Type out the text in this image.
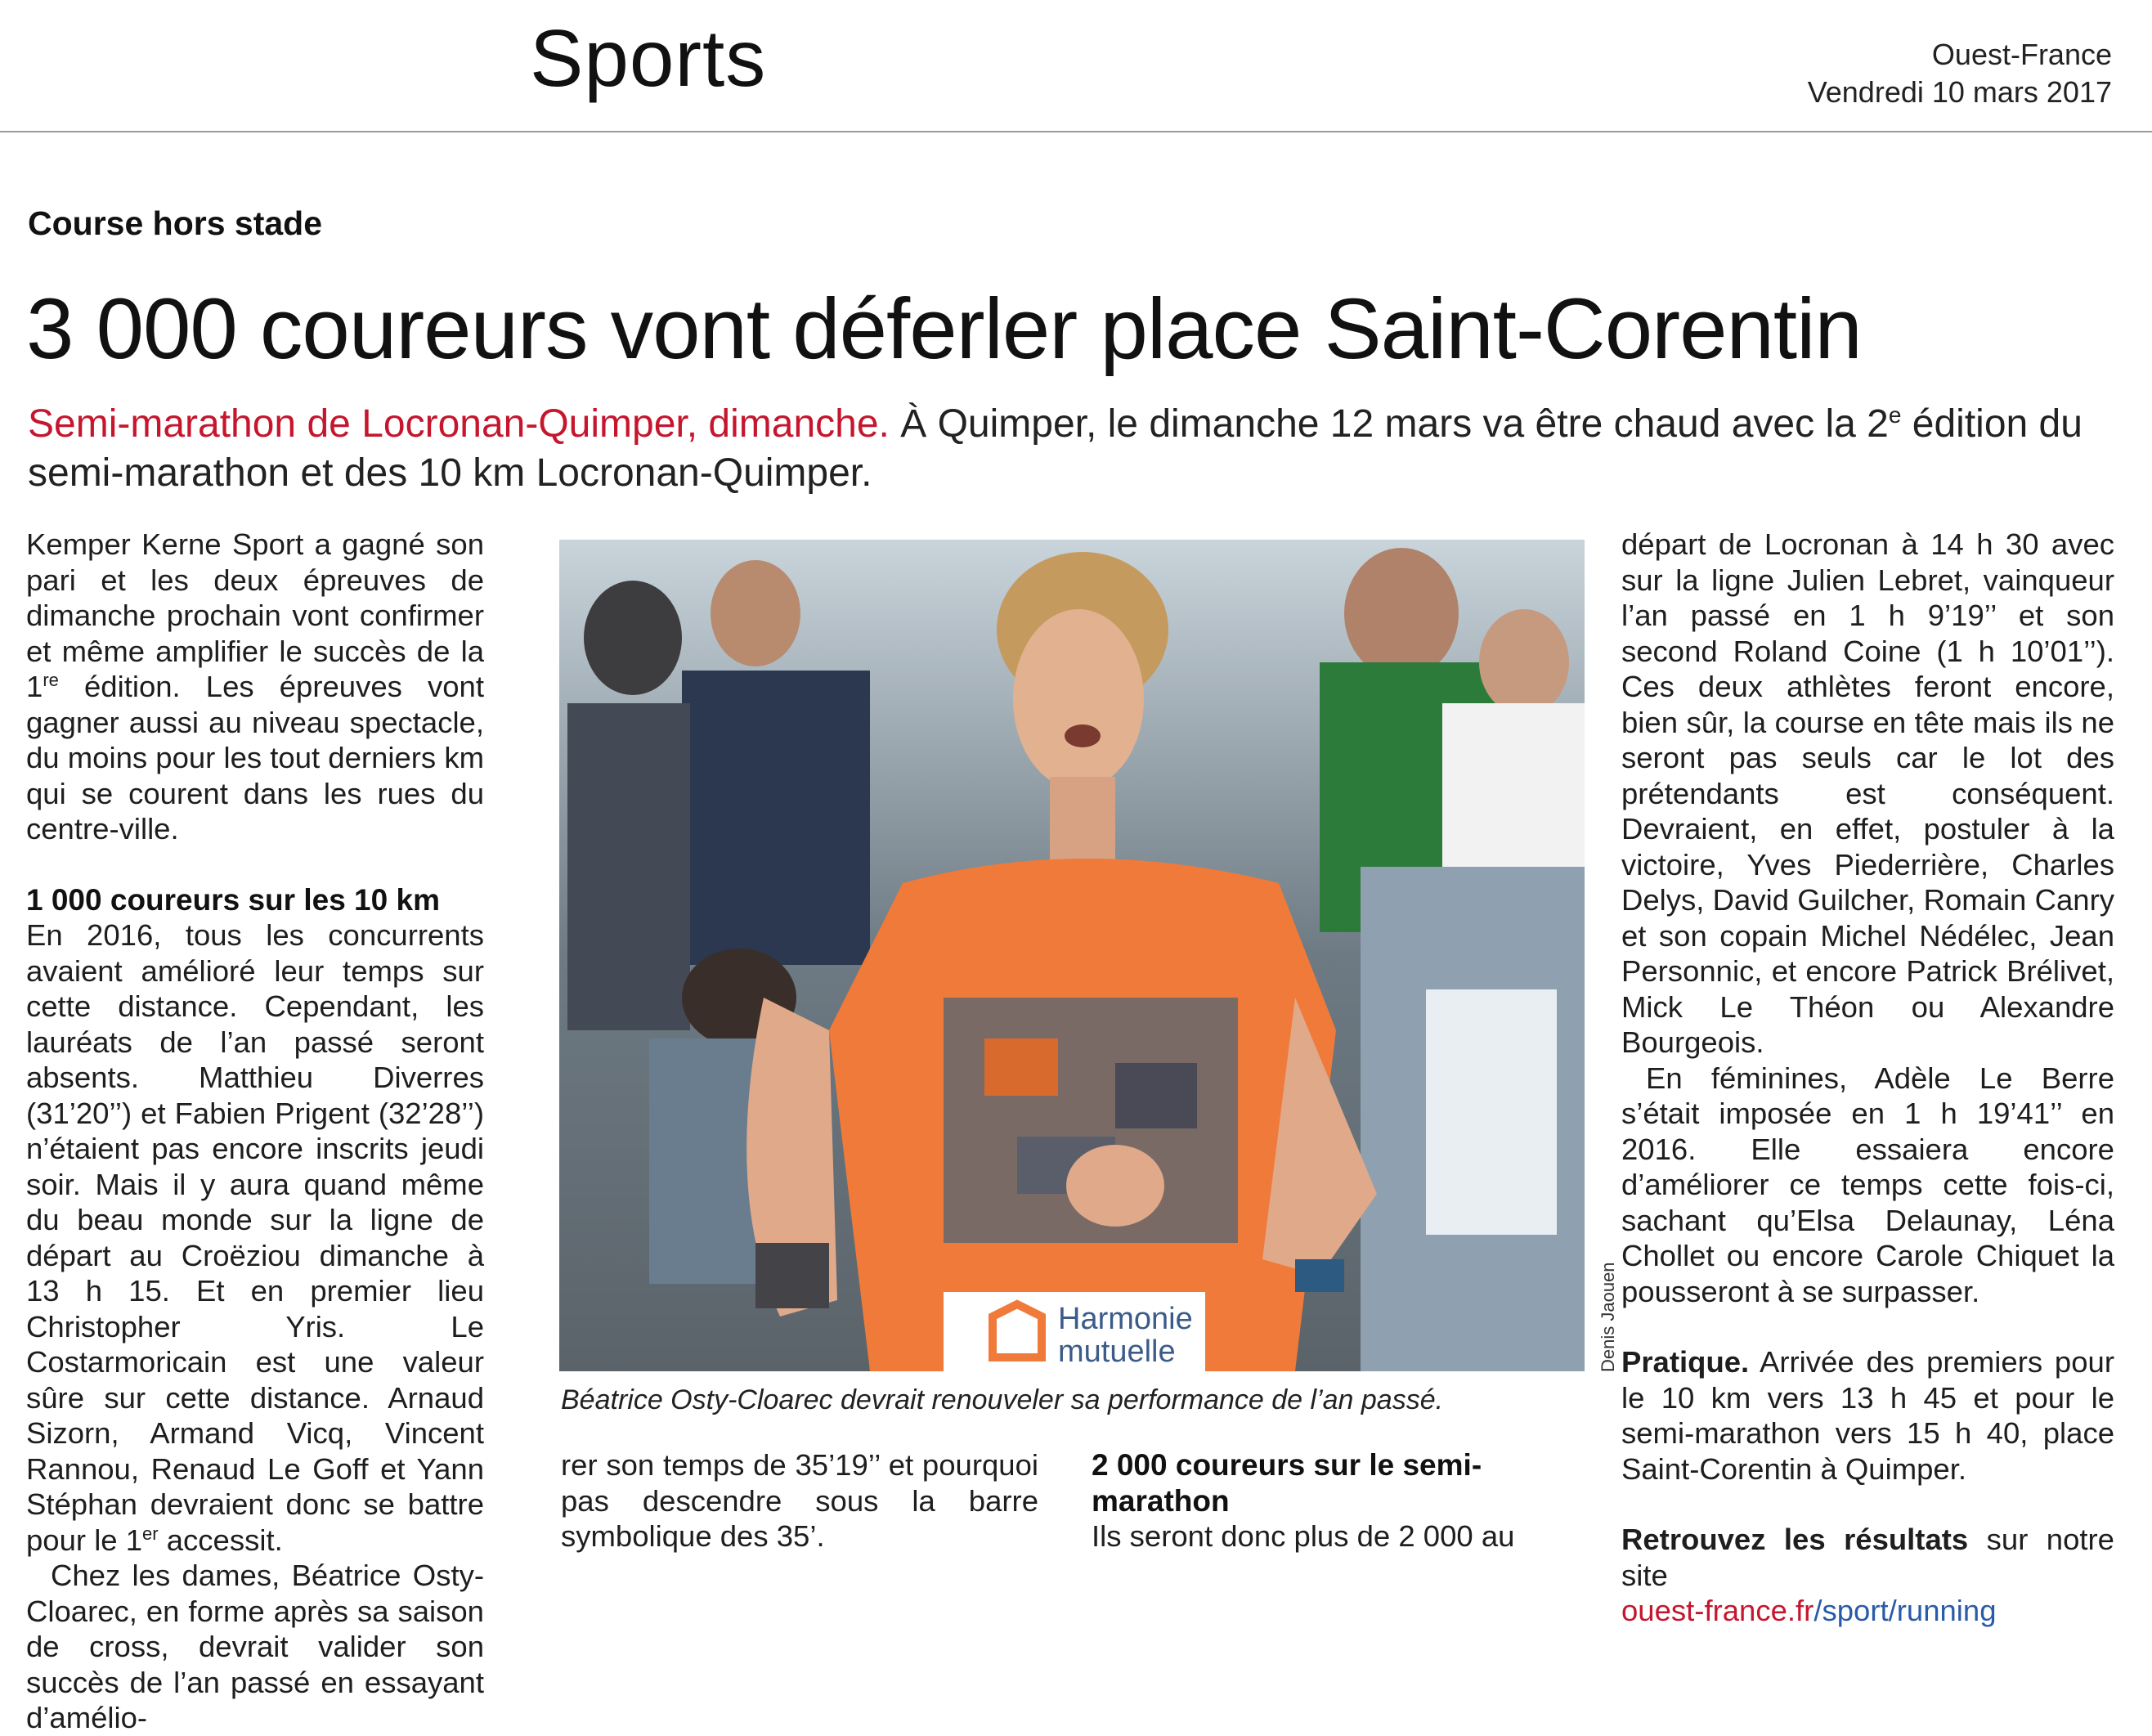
Sports	Ouest-France
Vendredi 10 mars 2017
Course hors stade
3 000 coureurs vont déferler place Saint-Corentin
Semi-marathon de Locronan-Quimper, dimanche. À Quimper, le dimanche 12 mars va être chaud avec la 2e édition du semi-marathon et des 10 km Locronan-Quimper.

Kemper Kerne Sport a gagné son pari et les deux épreuves de dimanche prochain vont confirmer et même amplifier le succès de la 1re édition. Les épreuves vont gagner aussi au niveau spectacle, du moins pour les tout derniers km qui se courent dans les rues du centre-ville.

1 000 coureurs sur les 10 km

En 2016, tous les concurrents avaient amélioré leur temps sur cette distance. Cependant, les lauréats de l’an passé seront absents. Matthieu Diverres (31’20’’) et Fabien Prigent (32’28’’) n’étaient pas encore inscrits jeudi soir. Mais il y aura quand même du beau monde sur la ligne de départ au Croëziou dimanche à 13 h 15. Et en premier lieu Christopher Yris. Le Costarmoricain est une valeur sûre sur cette distance. Arnaud Sizorn, Armand Vicq, Vincent Rannou, Renaud Le Goff et Yann Stéphan devraient donc se battre pour le 1er accessit.

Chez les dames, Béatrice Osty-Cloarec, en forme après sa saison de cross, devrait valider son succès de l’an passé en essayant d’amélio-

Harmonie
mutuelle	Denis Jaouen
Béatrice Osty-Cloarec devrait renouveler sa performance de l’an passé.

rer son temps de 35’19’’ et pourquoi pas descendre sous la barre symbolique des 35’.

2 000 coureurs sur le semi-marathon

Ils seront donc plus de 2 000 au

départ de Locronan à 14 h 30 avec sur la ligne Julien Lebret, vainqueur l’an passé en 1 h 9’19’’ et son second Roland Coine (1 h 10’01’’). Ces deux athlètes feront encore, bien sûr, la course en tête mais ils ne seront pas seuls car le lot des prétendants est conséquent. Devraient, en effet, postuler à la victoire, Yves Piederrière, Charles Delys, David Guilcher, Romain Canry et son copain Michel Nédélec, Jean Personnic, et encore Patrick Brélivet, Mick Le Théon ou Alexandre Bourgeois.

En féminines, Adèle Le Berre s’était imposée en 1 h 19’41’’ en 2016. Elle essaiera encore d’améliorer ce temps cette fois-ci, sachant qu’Elsa Delaunay, Léna Chollet ou encore Carole Chiquet la pousseront à se surpasser.

Pratique. Arrivée des premiers pour le 10 km vers 13 h 45 et pour le semi-marathon vers 15 h 40, place Saint-Corentin à Quimper.

Retrouvez les résultats sur notre site

ouest-france.fr/sport/running
